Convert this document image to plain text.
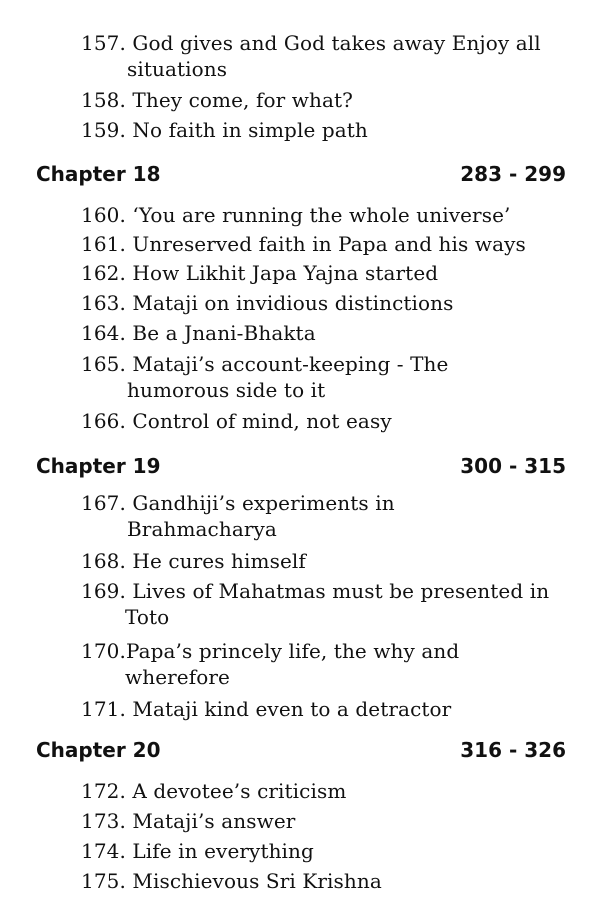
157. God gives and God takes away Enjoy all
situations
158. They come, for what?
159. No faith in simple path
Chapter 18	283 - 299
160. ‘You are running the whole universe’
161. Unreserved faith in Papa and his ways
162. How Likhit Japa Yajna started
163. Mataji on invidious distinctions
164. Be a Jnani-Bhakta
165. Mataji’s account-keeping - The
humorous side to it
166. Control of mind, not easy
Chapter 19	300 - 315
167. Gandhiji’s experiments in
Brahmacharya
168. He cures himself
169. Lives of Mahatmas must be presented in
Toto
170.Papa’s princely life, the why and
wherefore
171. Mataji kind even to a detractor
Chapter 20	316 - 326
172. A devotee’s criticism
173. Mataji’s answer
174. Life in everything
175. Mischievous Sri Krishna
